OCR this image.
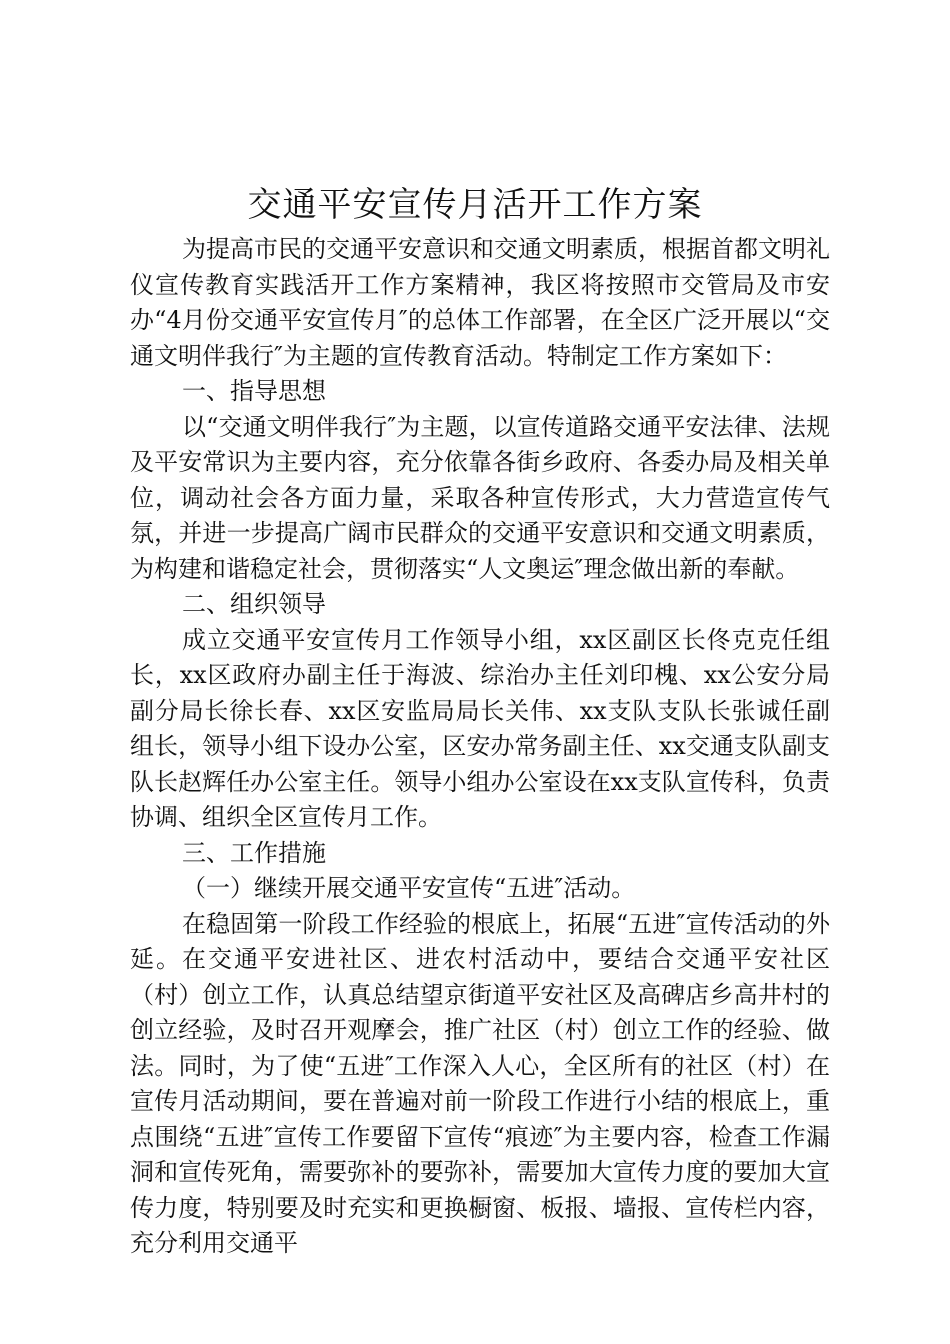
交通平安宣传月活开工作方案

为提高市民的交通平安意识和交通文明素质，根据首都文明礼仪宣传教育实践活开工作方案精神，我区将按照市交管局及市安办“4月份交通平安宣传月″的总体工作部署，在全区广泛开展以“交通文明伴我行″为主题的宣传教育活动。特制定工作方案如下：

一、指导思想

以“交通文明伴我行″为主题，以宣传道路交通平安法律、法规及平安常识为主要内容，充分依靠各街乡政府、各委办局及相关单位，调动社会各方面力量，采取各种宣传形式，大力营造宣传气氛，并进一步提高广阔市民群众的交通平安意识和交通文明素质，为构建和谐稳定社会，贯彻落实“人文奥运″理念做出新的奉献。

二、组织领导

成立交通平安宣传月工作领导小组，xx区副区长佟克克任组长，xx区政府办副主任于海波、综治办主任刘印槐、xx公安分局副分局长徐长春、xx区安监局局长关伟、xx支队支队长张诚任副组长，领导小组下设办公室，区安办常务副主任、xx交通支队副支队长赵辉任办公室主任。领导小组办公室设在xx支队宣传科，负责协调、组织全区宣传月工作。

三、工作措施

（一）继续开展交通平安宣传“五进″活动。

在稳固第一阶段工作经验的根底上，拓展“五进″宣传活动的外延。在交通平安进社区、进农村活动中，要结合交通平安社区（村）创立工作，认真总结望京街道平安社区及高碑店乡高井村的创立经验，及时召开观摩会，推广社区（村）创立工作的经验、做法。同时，为了使“五进″工作深入人心，全区所有的社区（村）在宣传月活动期间，要在普遍对前一阶段工作进行小结的根底上，重点围绕“五进″宣传工作要留下宣传“痕迹″为主要内容，检查工作漏洞和宣传死角，需要弥补的要弥补，需要加大宣传力度的要加大宣传力度，特别要及时充实和更换橱窗、板报、墙报、宣传栏内容，充分利用交通平
